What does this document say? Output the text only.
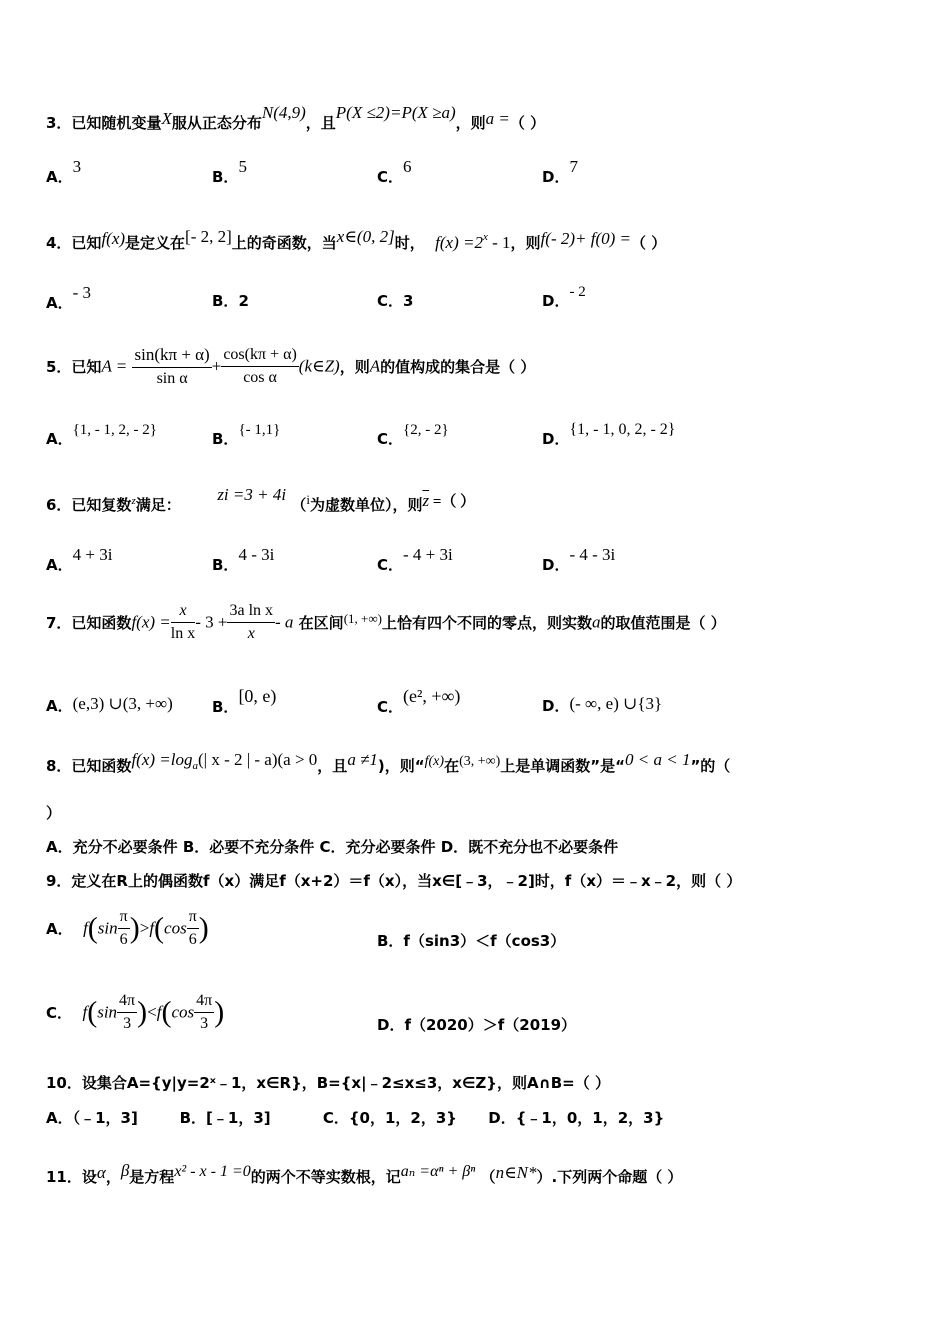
3．已知随机变量X服从正态分布N(4,9)，且P(X ≤2)=P(X ≥a)，则a =（ ）
A．3
B．5
C．6
D．7
4．已知f(x)是定义在[- 2, 2]上的奇函数，当x∈(0, 2]时， $f(x) =2^x - 1$，则f(- 2)+ f(0) =（ ）
A．- 3	B．2	C．3	D．- 2
5．已知$A = \frac{\sin(k\pi + \alpha)}{\text{sin α}} + \frac{\cos(k\pi + \alpha)}{\text{cos α}}$ (k∈Z)，则A的值构成的集合是（ ）
A．{1, - 1, 2, - 2}	B．{- 1,1}	C．{2, - 2}	D．{1, - 1, 0, 2, - 2}
6．已知复数$^z$满足：       zi =3 + 4i （i为虚数单位），则$\overline{z}$ =（ ）
A．4 + 3i
B．4 - 3i
C．- 4 + 3i
D．- 4 - 3i
7．已知函数$f(x) = \frac{x}{\text{ln x}} - 3 + \frac{\text{3a ln x}}{x} - a$ 在区间(1, +∞)上恰有四个不同的零点，则实数a的取值范围是（ ）
A．(e,3) ∪(3, +∞)	B．[0, e)
C．(e², +∞)	D．(- ∞, e) ∪{3}
8．已知函数f(x) =loga(| x - 2 | - a)(a > 0，且a ≠1)，则“f(x)在(3, +∞)上是单调函数”是“0 < a < 1”的（
）
A．充分不必要条件 B．必要不充分条件 C．充分必要条件 D．既不充分也不必要条件
9．定义在R上的偶函数f（x）满足f（x+2）＝f（x），当x∈[﹣3，﹣2]时，f（x）＝﹣x﹣2，则（ ）
A． $f(\sin \frac{\pi}{6} )>f(\cos \frac{\pi}{6}$ )	B．f（sin3）＜f（cos3）
C． $f(\sin \frac{4\pi}{3} )<f(\cos \frac{4\pi}{3}$ )	D．f（2020）＞f（2019）
10．设集合A={y|y=2ˣ﹣1，x∈R}，B={x|﹣2≤x≤3，x∈Z}，则A∩B=（ ）
A．（﹣1，3]        B．[﹣1，3]          C．{0，1，2，3}      D．{﹣1，0，1，2，3}
11．设α，β是方程x² - x - 1 =0的两个不等实数根，记aₙ =αⁿ + βⁿ （n∈N*）.下列两个命题（ ）
